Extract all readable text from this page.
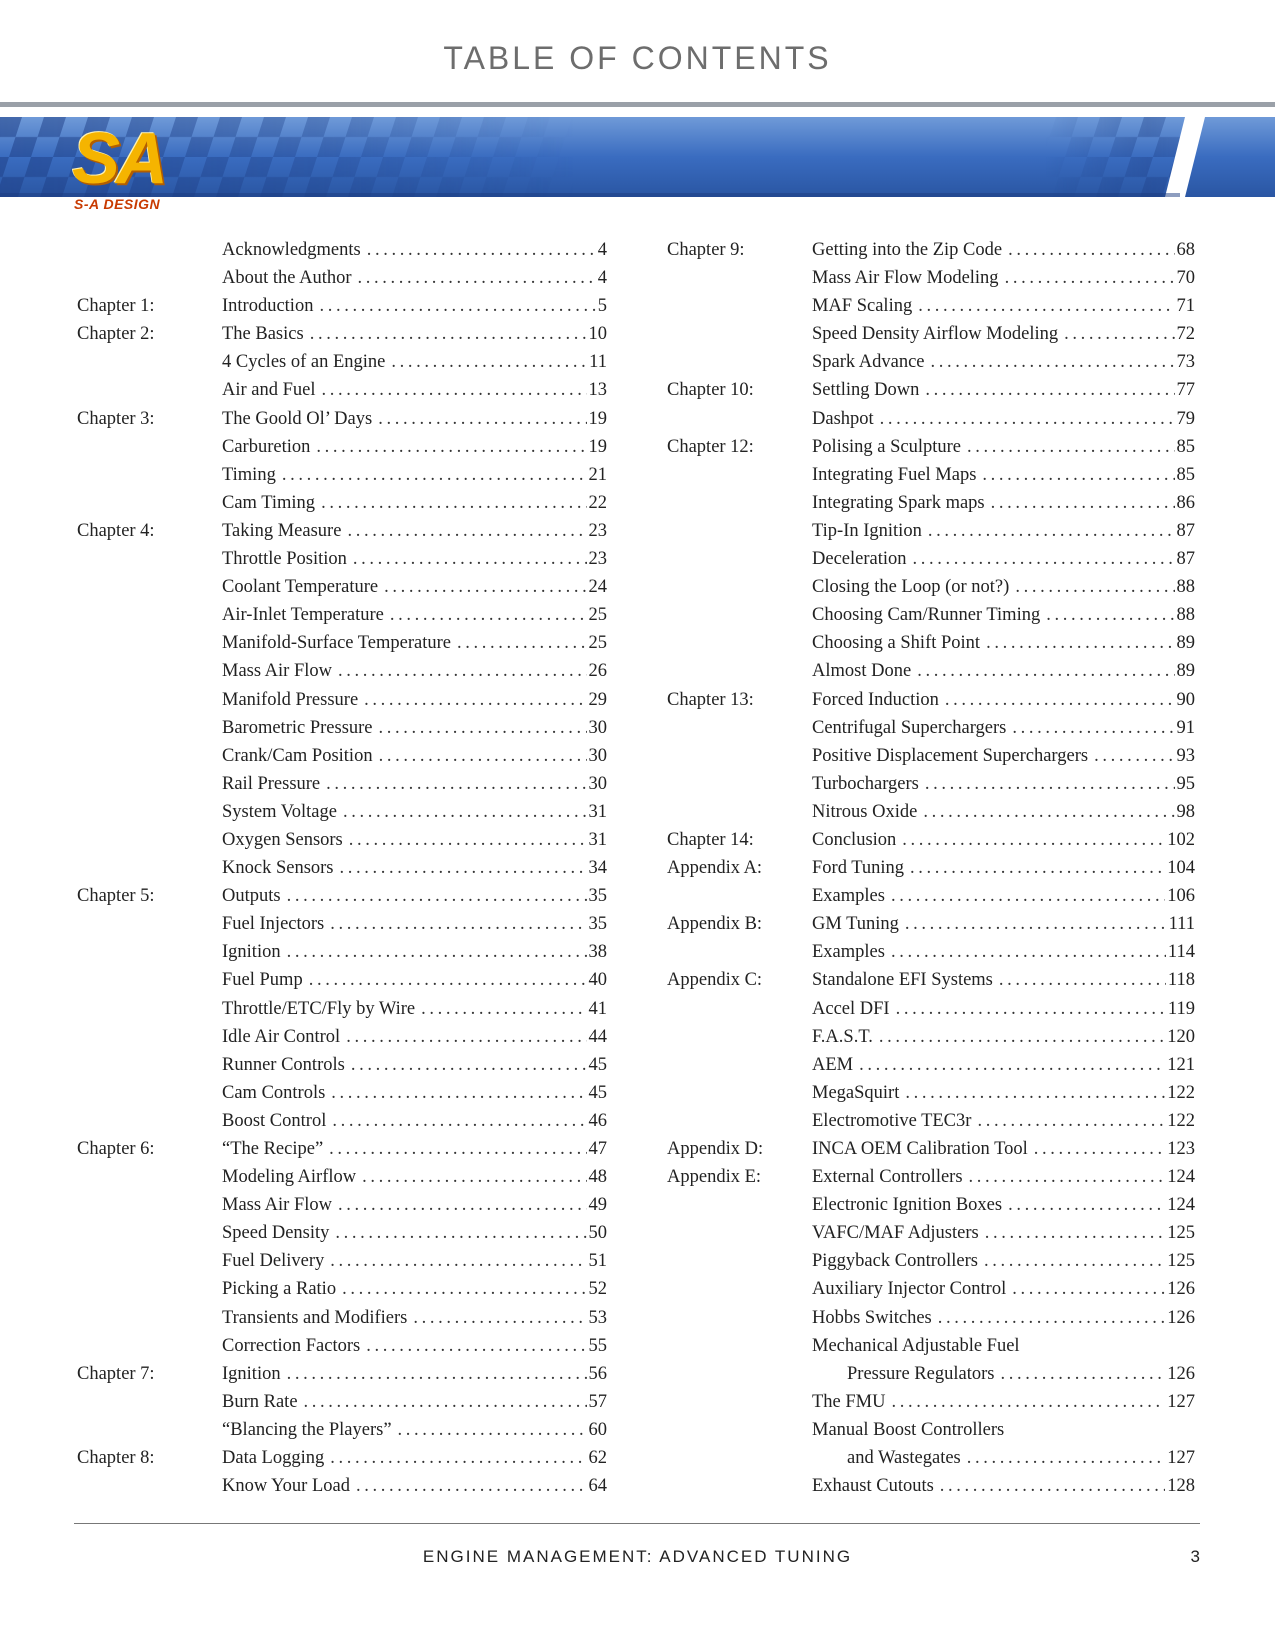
TABLE OF CONTENTS
SA
S-A DESIGN
Acknowledgments . . .	4
About the Author . . .	4
Chapter 1:	Introduction . . .	5
Chapter 2:	The Basics . . .	10
4 Cycles of an Engine . . .	11
Air and Fuel . . .	13
Chapter 3:	The Goold Ol’ Days . . .	19
Carburetion . . .	19
Timing . . .	21
Cam Timing . . .	22
Chapter 4:	Taking Measure . . .	23
Throttle Position . . .	23
Coolant Temperature . . .	24
Air-Inlet Temperature . . .	25
Manifold-Surface Temperature . . .	25
Mass Air Flow . . .	26
Manifold Pressure . . .	29
Barometric Pressure . . .	30
Crank/Cam Position . . .	30
Rail Pressure . . .	30
System Voltage . . .	31
Oxygen Sensors . . .	31
Knock Sensors . . .	34
Chapter 5:	Outputs . . .	35
Fuel Injectors . . .	35
Ignition . . .	38
Fuel Pump . . .	40
Throttle/ETC/Fly by Wire . . .	41
Idle Air Control . . .	44
Runner Controls . . .	45
Cam Controls . . .	45
Boost Control . . .	46
Chapter 6:	“The Recipe” . . .	47
Modeling Airflow . . .	48
Mass Air Flow . . .	49
Speed Density . . .	50
Fuel Delivery . . .	51
Picking a Ratio . . .	52
Transients and Modifiers . . .	53
Correction Factors . . .	55
Chapter 7:	Ignition . . .	56
Burn Rate . . .	57
“Blancing the Players” . . .	60
Chapter 8:	Data Logging . . .	62
Know Your Load . . .	64
Chapter 9:	Getting into the Zip Code . . .	68
Mass Air Flow Modeling . . .	70
MAF Scaling . . .	71
Speed Density Airflow Modeling . . .	72
Spark Advance . . .	73
Chapter 10:	Settling Down . . .	77
Dashpot . . .	79
Chapter 12:	Polising a Sculpture . . .	85
Integrating Fuel Maps . . .	85
Integrating Spark maps . . .	86
Tip-In Ignition . . .	87
Deceleration . . .	87
Closing the Loop (or not?) . . .	88
Choosing Cam/Runner Timing . . .	88
Choosing a Shift Point . . .	89
Almost Done . . .	89
Chapter 13:	Forced Induction . . .	90
Centrifugal Superchargers . . .	91
Positive Displacement Superchargers . . .	93
Turbochargers . . .	95
Nitrous Oxide . . .	98
Chapter 14:	Conclusion . . .	102
Appendix A:	Ford Tuning . . .	104
Examples . . .	106
Appendix B:	GM Tuning . . .	111
Examples . . .	114
Appendix C:	Standalone EFI Systems . . .	118
Accel DFI . . .	119
F.A.S.T. . . .	120
AEM . . .	121
MegaSquirt . . .	122
Electromotive TEC3r . . .	122
Appendix D:	INCA OEM Calibration Tool . . .	123
Appendix E:	External Controllers . . .	124
Electronic Ignition Boxes . . .	124
VAFC/MAF Adjusters . . .	125
Piggyback Controllers . . .	125
Auxiliary Injector Control . . .	126
Hobbs Switches . . .	126
Mechanical Adjustable Fuel
Pressure Regulators . . .	126
The FMU . . .	127
Manual Boost Controllers
and Wastegates . . .	127
Exhaust Cutouts . . .	128
ENGINE MANAGEMENT: ADVANCED TUNING	3
